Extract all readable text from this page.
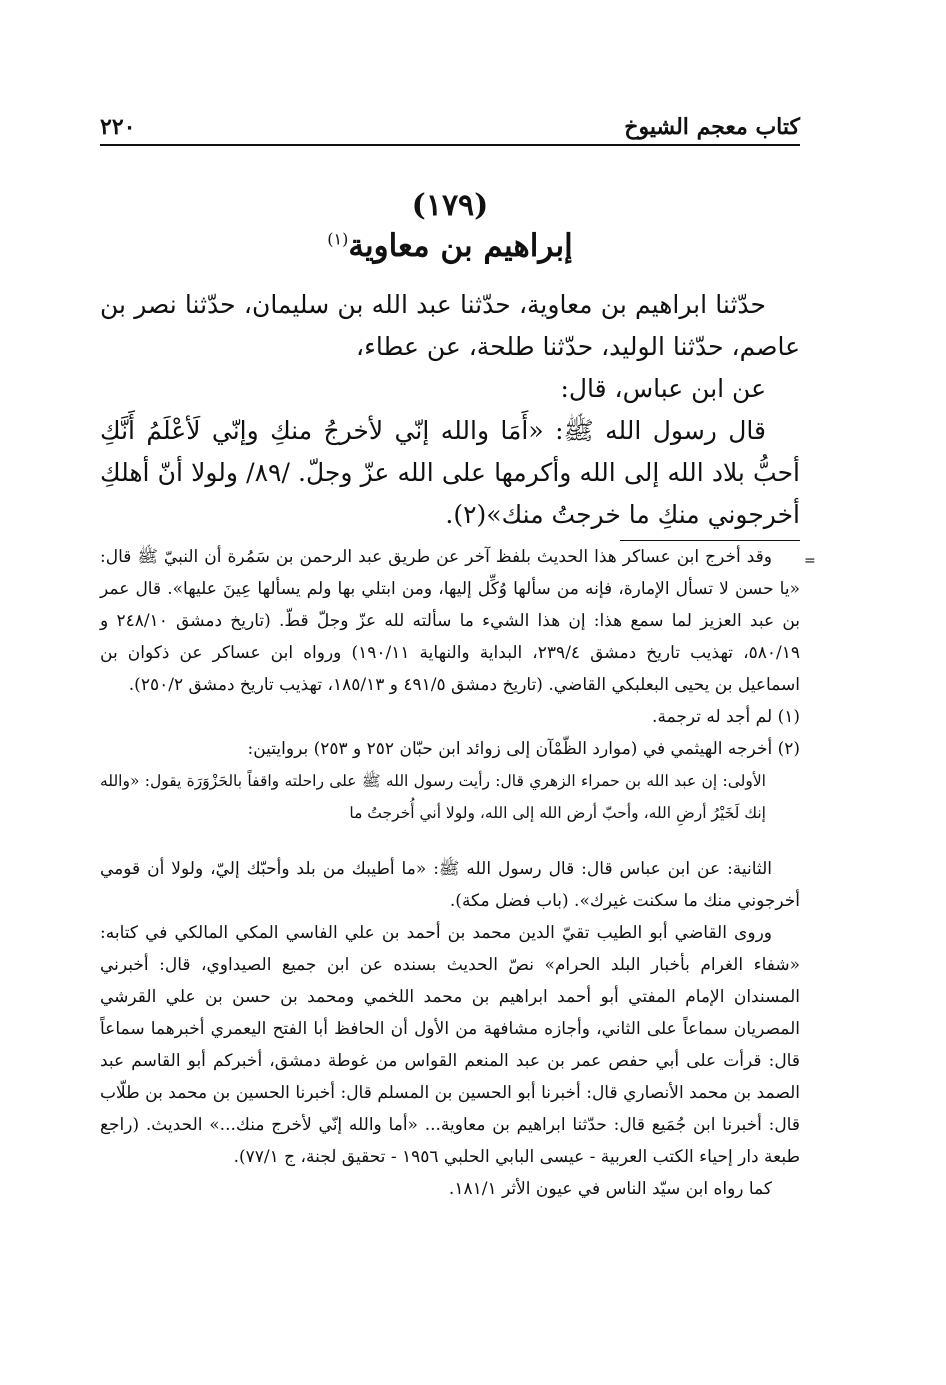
كتاب معجم الشيوخ
٢٢٠
(١٧٩)
إبراهيم بن معاوية$^{(١)}$

حدّثنا ابراهيم بن معاوية، حدّثنا عبد الله بن سليمان، حدّثنا نصر بن عاصم، حدّثنا الوليد، حدّثنا طلحة، عن عطاء،

عن ابن عباس، قال:

قال رسول الله ﷺ: «أَمَا والله إنّي لأخرجُ منكِ وإنّي لَأعْلَمُ أَنَّكِ أحبُّ بلاد الله إلى الله وأكرمها على الله عزّ وجلّ. /٨٩/ ولولا أنّ أهلكِ أخرجوني منكِ ما خرجتُ منك»(٢).

=

وقد أخرج ابن عساكر هذا الحديث بلفظ آخر عن طريق عبد الرحمن بن سَمُرة أن النبيّ ﷺ قال: «يا حسن لا تسأل الإمارة، فإنه من سألها وُكِّل إليها، ومن ابتلي بها ولم يسألها عِينَ عليها». قال عمر بن عبد العزيز لما سمع هذا: إن هذا الشيء ما سألته لله عزّ وجلّ قطّ. (تاريخ دمشق ٢٤٨/١٠ و ٥٨٠/١٩، تهذيب تاريخ دمشق ٢٣٩/٤، البداية والنهاية ١٩٠/١١) ورواه ابن عساكر عن ذكوان بن اسماعيل بن يحيى البعلبكي القاضي. (تاريخ دمشق ٤٩١/٥ و ١٨٥/١٣، تهذيب تاريخ دمشق ٢٥٠/٢).

(١) لم أجد له ترجمة.

(٢) أخرجه الهيثمي في (موارد الظّمْآن إلى زوائد ابن حبّان ٢٥٢ و ٢٥٣) بروايتين:

الأولى: إن عبد الله بن حمراء الزهري قال: رأيت رسول الله ﷺ على راحلته واقفاً بالحَزْوَرَة يقول: «والله إنك لَخَيْرُ أرضِ الله، وأحبّ أرض الله إلى الله، ولولا أني أُخرجتُ ما

الثانية: عن ابن عباس قال: قال رسول الله ﷺ: «ما أطيبك من بلد وأحبّك إليّ، ولولا أن قومي أخرجوني منك ما سكنت غيرك». (باب فضل مكة).

وروى القاضي أبو الطيب تقيّ الدين محمد بن أحمد بن علي الفاسي المكي المالكي في كتابه: «شفاء الغرام بأخبار البلد الحرام» نصّ الحديث بسنده عن ابن جميع الصيداوي، قال: أخبرني المسندان الإمام المفتي أبو أحمد ابراهيم بن محمد اللخمي ومحمد بن حسن بن علي القرشي المصريان سماعاً على الثاني، وأجازه مشافهة من الأول أن الحافظ أبا الفتح اليعمري أخبرهما سماعاً قال: قرأت على أبي حفص عمر بن عبد المنعم القواس من غوطة دمشق، أخبركم أبو القاسم عبد الصمد بن محمد الأنصاري قال: أخبرنا أبو الحسين بن المسلم قال: أخبرنا الحسين بن محمد بن طلّاب قال: أخبرنا ابن جُمَيع قال: حدّثنا ابراهيم بن معاوية... «أما والله إنّي لأخرج منك...» الحديث. (راجع طبعة دار إحياء الكتب العربية - عيسى البابي الحلبي ١٩٥٦ - تحقيق لجنة، ج ٧٧/١).

كما رواه ابن سيّد الناس في عيون الأثر ١٨١/١.
